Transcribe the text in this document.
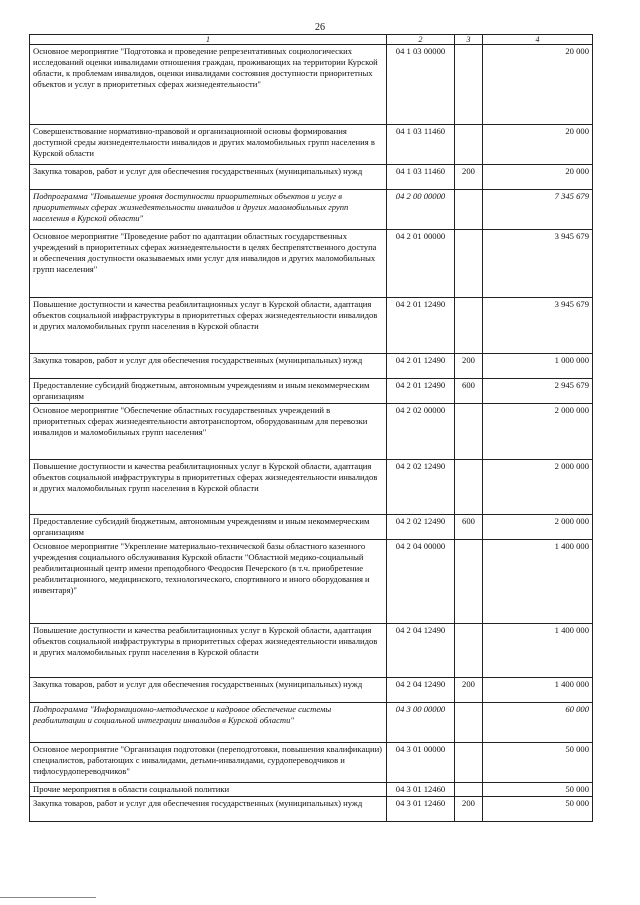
26
1	2	3	4
Основное мероприятие "Подготовка и проведение репрезентативных социологических исследований оценки инвалидами отношения граждан, проживающих на территории Курской области, к проблемам инвалидов, оценки инвалидами состояния доступности приоритетных объектов и услуг в приоритетных сферах жизнедеятельности"	04 1 03 00000		20 000
Совершенствование нормативно-правовой и организационной основы формирования доступной среды жизнедеятельности инвалидов и других маломобильных групп населения в Курской области	04 1 03 11460		20 000
Закупка товаров, работ и услуг для обеспечения государственных (муниципальных) нужд	04 1 03 11460	200	20 000
Подпрограмма "Повышение уровня доступности приоритетных объектов и услуг в приоритетных сферах жизнедеятельности инвалидов и других маломобильных групп населения в Курской области"	04 2 00 00000		7 345 679
Основное мероприятие "Проведение работ по адаптации областных государственных учреждений в приоритетных сферах жизнедеятельности в целях беспрепятственного доступа и обеспечения доступности оказываемых ими услуг для инвалидов и других маломобильных групп населения"	04 2 01 00000		3 945 679
Повышение доступности и качества реабилитационных услуг в Курской области, адаптация объектов социальной инфраструктуры в приоритетных сферах жизнедеятельности инвалидов и других маломобильных групп населения в Курской области	04 2 01 12490		3 945 679
Закупка товаров, работ и услуг для обеспечения государственных (муниципальных) нужд	04 2 01 12490	200	1 000 000
Предоставление субсидий бюджетным, автономным учреждениям и иным некоммерческим организациям	04 2 01 12490	600	2 945 679
Основное мероприятие "Обеспечение областных государственных учреждений в приоритетных сферах жизнедеятельности автотранспортом, оборудованным для перевозки инвалидов и маломобильных групп населения"	04 2 02 00000		2 000 000
Повышение доступности и качества реабилитационных услуг в Курской области, адаптация объектов социальной инфраструктуры в приоритетных сферах жизнедеятельности инвалидов и других маломобильных групп населения в Курской области	04 2 02 12490		2 000 000
Предоставление субсидий бюджетным, автономным учреждениям и иным некоммерческим организациям	04 2 02 12490	600	2 000 000
Основное мероприятие "Укрепление материально-технической базы областного казенного учреждения социального обслуживания Курской области "Областной медико-социальный реабилитационный центр имени преподобного Феодосия Печерского (в т.ч. приобретение реабилитационного, медицинского, технологического, спортивного и иного оборудования и инвентаря)"	04 2 04 00000		1 400 000
Повышение доступности и качества реабилитационных услуг в Курской области, адаптация объектов социальной инфраструктуры в приоритетных сферах жизнедеятельности инвалидов и других маломобильных групп населения в Курской области	04 2 04 12490		1 400 000
Закупка товаров, работ и услуг для обеспечения государственных (муниципальных) нужд	04 2 04 12490	200	1 400 000
Подпрограмма "Информационно-методическое и кадровое обеспечение системы реабилитации и социальной интеграции инвалидов в Курской области"	04 3 00 00000		60 000
Основное мероприятие "Организация подготовки (переподготовки, повышения квалификации) специалистов, работающих с инвалидами, детьми-инвалидами, сурдопереводчиков и тифлосурдопереводчиков"	04 3 01 00000		50 000
Прочие мероприятия в области социальной политики	04 3 01 12460		50 000
Закупка товаров, работ и услуг для обеспечения государственных (муниципальных) нужд	04 3 01 12460	200	50 000
